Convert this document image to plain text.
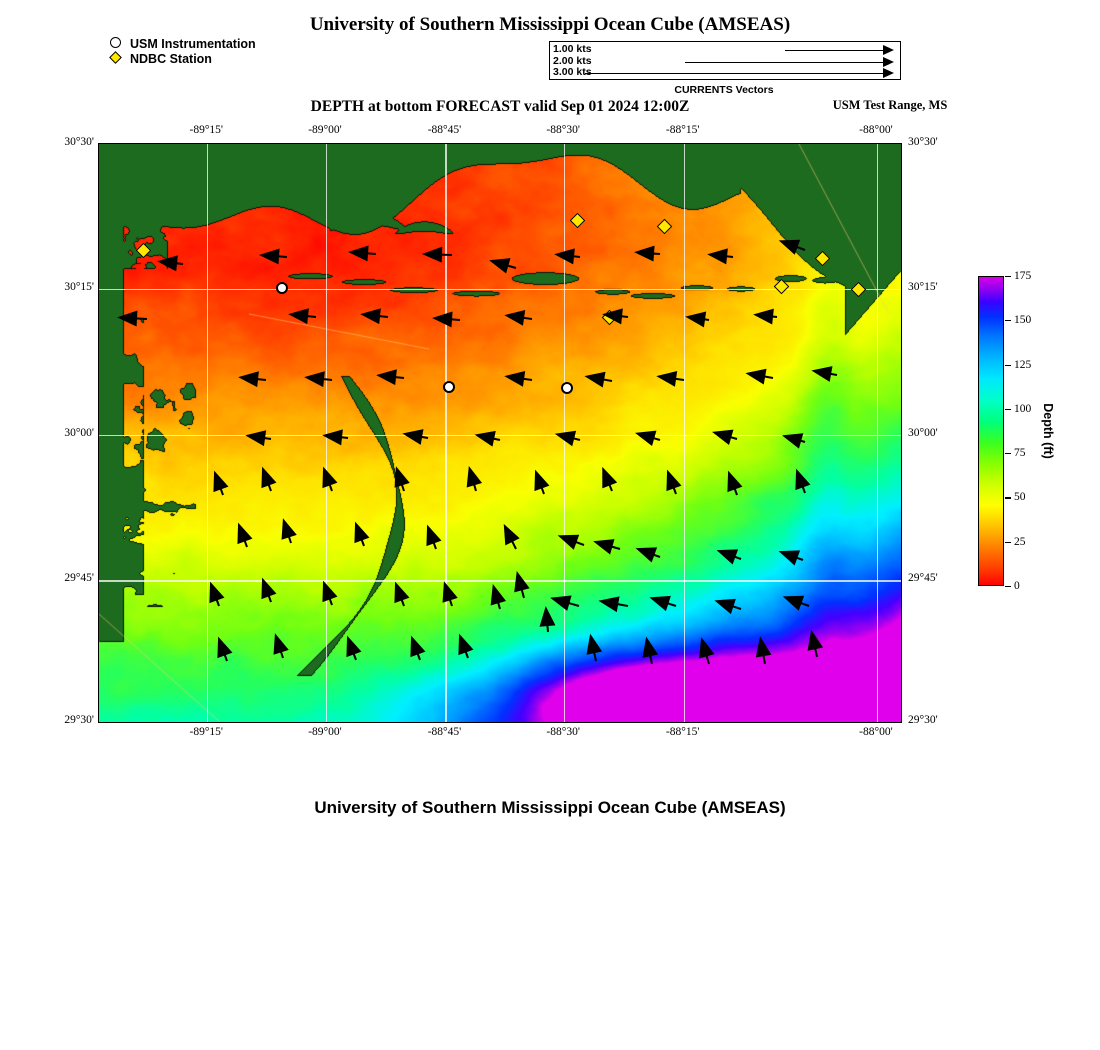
University of Southern Mississippi Ocean Cube (AMSEAS)
DEPTH at bottom FORECAST valid Sep 01 2024 12:00Z	USM Test Range, MS
University of Southern Mississippi Ocean Cube (AMSEAS)
USM Instrumentation
NDBC Station
1.00 kts
2.00 kts
3.00 kts
CURRENTS Vectors
-89°15'
-89°15'
-89°00'
-89°00'
-88°45'
-88°45'
-88°30'
-88°30'
-88°15'
-88°15'
-88°00'
-88°00'
30°30'	30°30'
30°15'	30°15'
30°00'	30°00'
29°45'	29°45'
29°30'	29°30'
0
25
50
75
100
125
150
175
Depth (ft)
